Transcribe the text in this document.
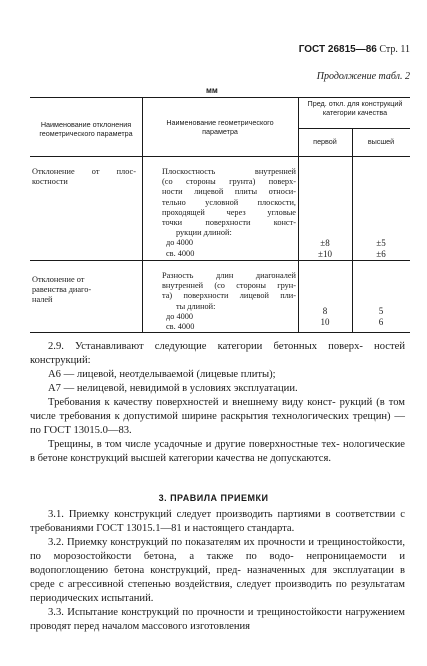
ГОСТ 26815—86 Стр. 11
Продолжение табл. 2
мм
Наименование отклонения геометрического параметра
Наименование геометрического параметра
Пред. откл. для конструкций категории качества
первой	высшей
Отклонение от плос-
костности
Плоскостность внутренней
(со стороны грунта) поверх-
ности лицевой плиты относи-
тельно условной плоскости,
проходящей через угловые
точки поверхности конст-
рукции длиной:
до 4000
св. 4000
±8
±10
±5
±6
Отклонение от
равенства диаго-
налей
Разность длин диагоналей
внутренней (со стороны грун-
та) поверхности лицевой пли-
ты длиной:
до 4000
св. 4000
8
10
5
6

2.9. Устанавливают следующие категории бетонных поверх- ностей конструкций:

А6 — лицевой, неотделываемой (лицевые плиты);

А7 — нелицевой, невидимой в условиях эксплуатации.

Требования к качеству поверхностей и внешнему виду конст- рукций (в том числе требования к допустимой ширине раскрытия технологических трещин) — по ГОСТ 13015.0—83.

Трещины, в том числе усадочные и другие поверхностные тех- нологические в бетоне конструкций высшей категории качества не допускаются.

3. ПРАВИЛА ПРИЕМКИ

3.1. Приемку конструкций следует производить партиями в соответствии с требованиями ГОСТ 13015.1—81 и настоящего стандарта.

3.2. Приемку конструкций по показателям их прочности и трещиностойкости, по морозостойкости бетона, а также по водо- непроницаемости и водопоглощению бетона конструкций, пред- назначенных для эксплуатации в среде с агрессивной степенью воздействия, следует производить по результатам периодических испытаний.

3.3. Испытание конструкций по прочности и трещиностойкости нагружением проводят перед началом массового изготовления
